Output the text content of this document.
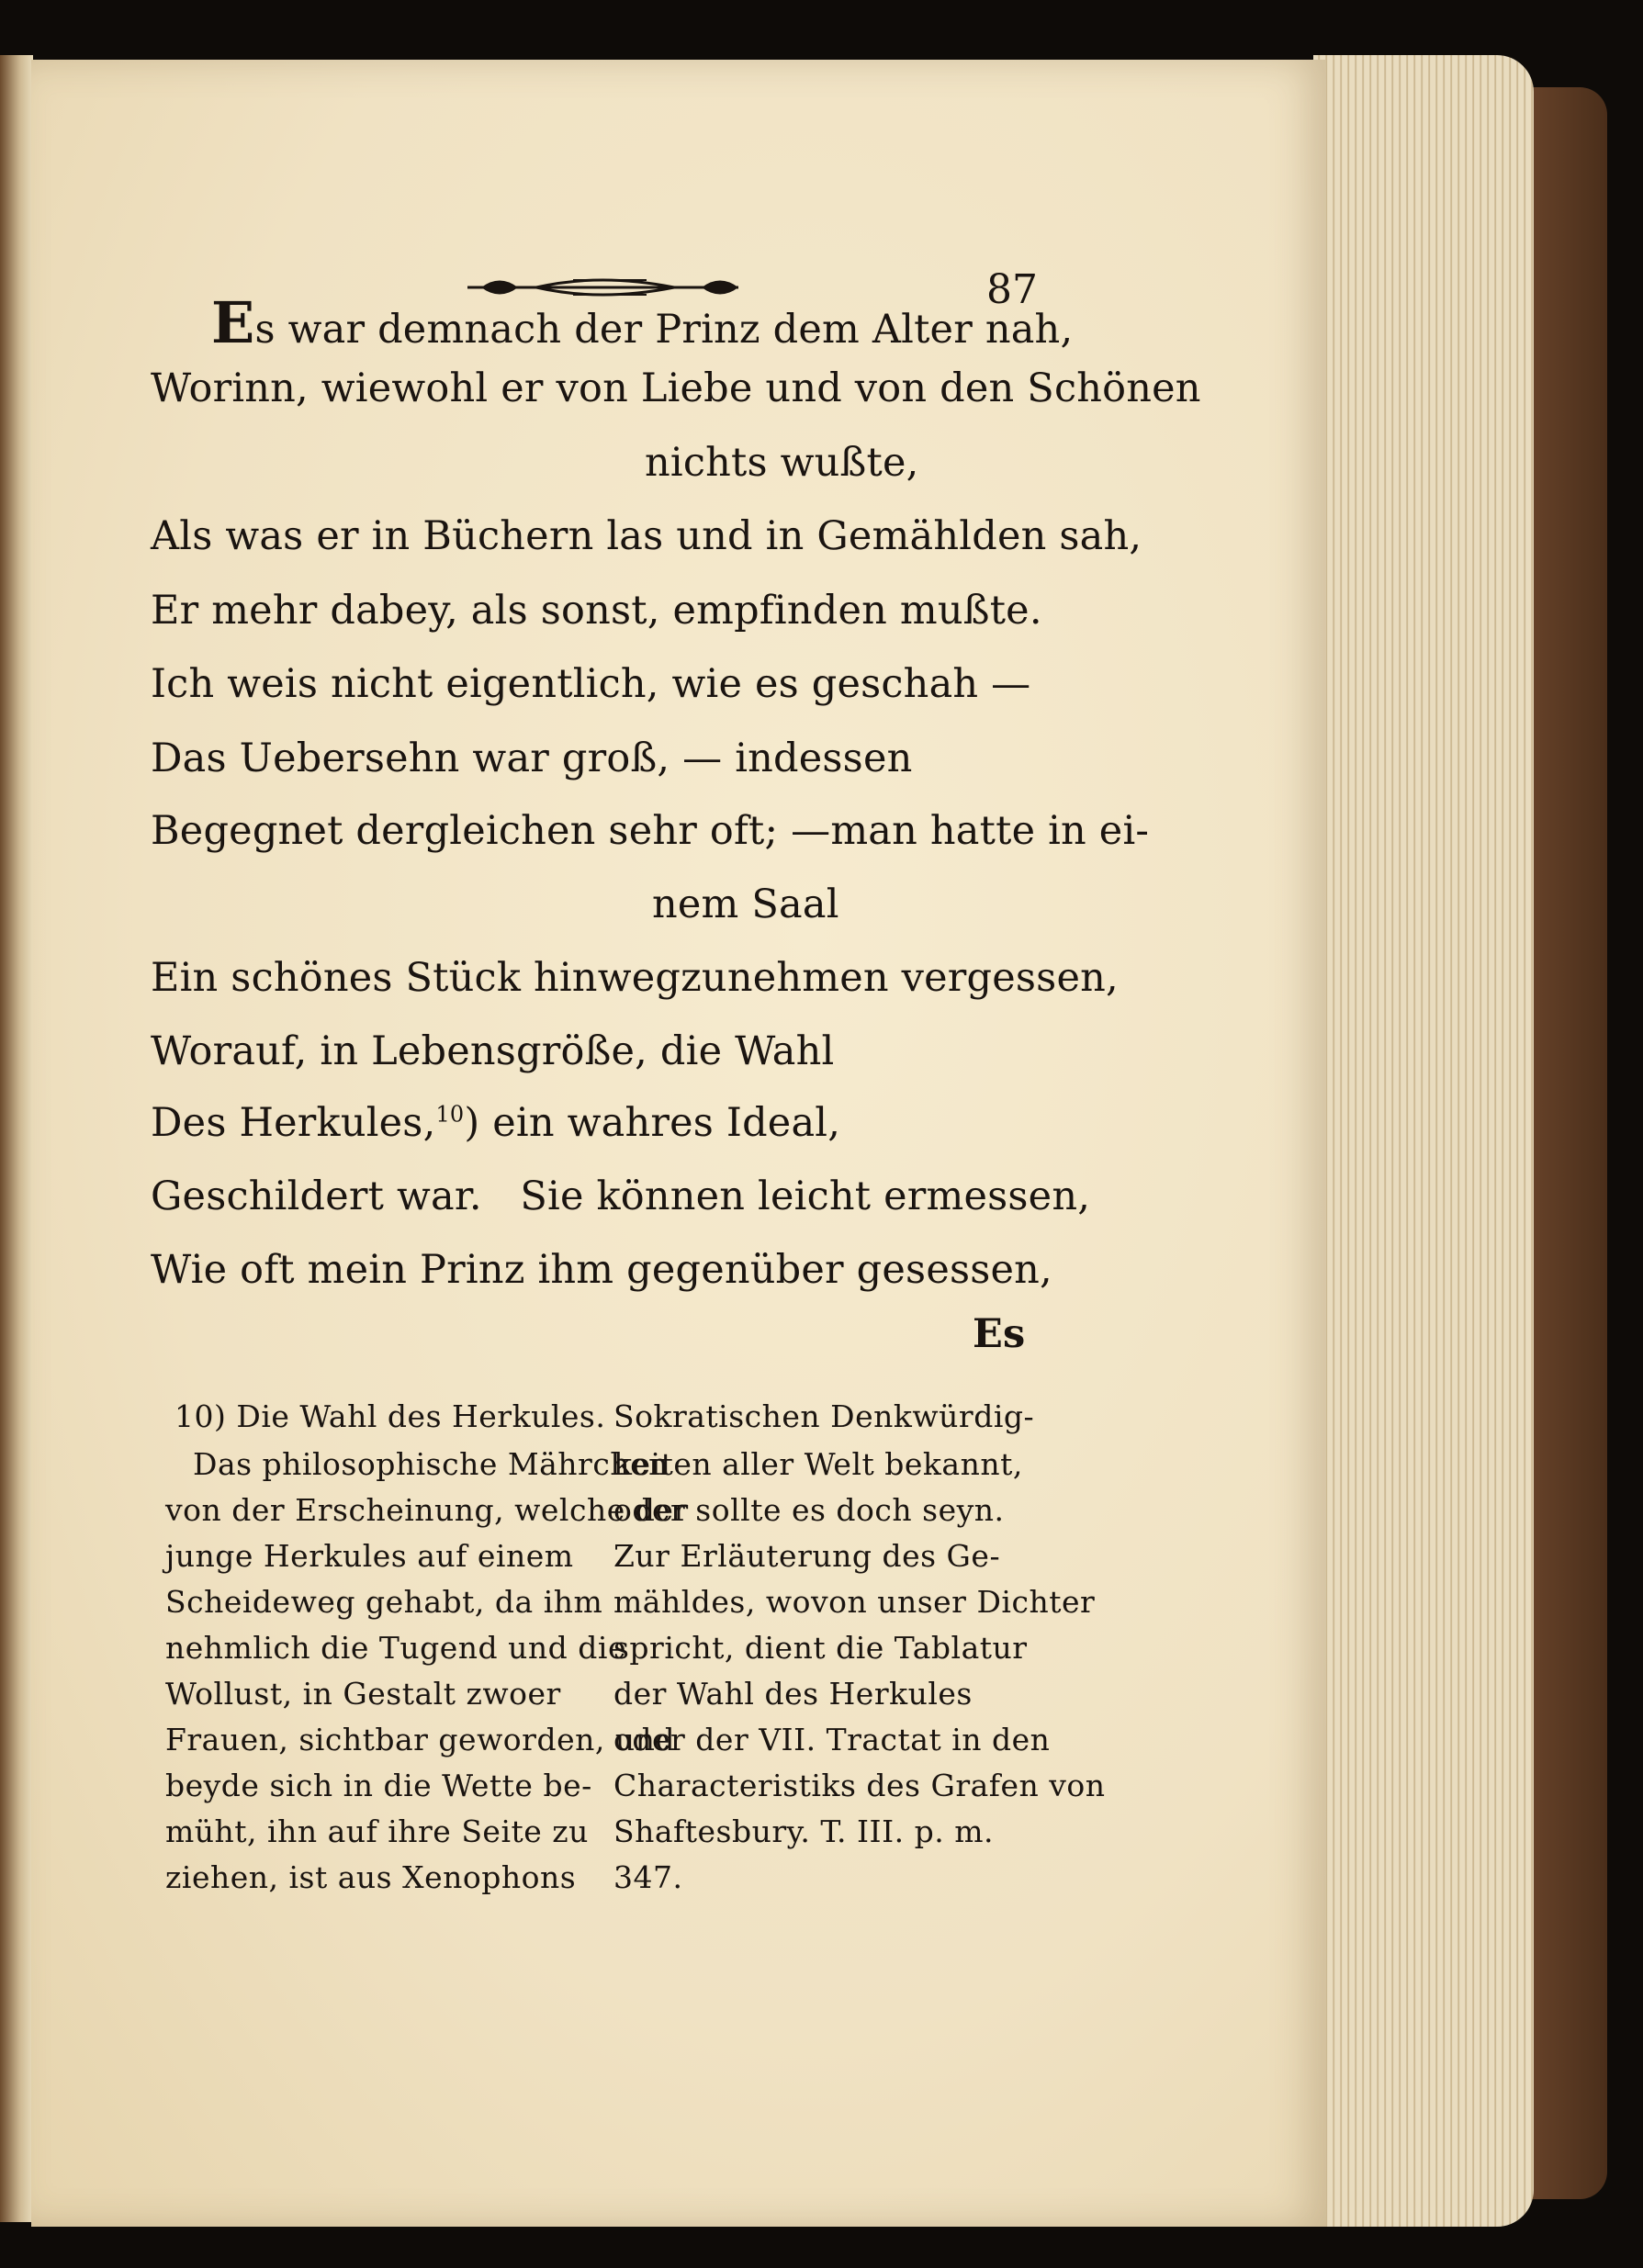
87
Es war demnach der Prinz dem Alter nah,
Worinn, wiewohl er von Liebe und von den Schönen
nichts wußte,
Als was er in Büchern las und in Gemählden sah,
Er mehr dabey, als sonst, empfinden mußte.
Ich weis nicht eigentlich, wie es geschah —
Das Uebersehn war groß, — indessen
Begegnet dergleichen sehr oft; — man hatte in ei-
nem Saal
Ein schönes Stück hinwegzunehmen vergessen,
Worauf, in Lebensgröße, die Wahl
Des Herkules,$^{10}$) ein wahres Ideal,
Geschildert war.   Sie können leicht ermessen,
Wie oft mein Prinz ihm gegenüber gesessen,
Es
10) Die Wahl des Herkules.
Das philosophische Mährchen
von der Erscheinung, welche der
junge Herkules auf einem
Scheideweg gehabt, da ihm
nehmlich die Tugend und die
Wollust, in Gestalt zwoer
Frauen, sichtbar geworden, und
beyde sich in die Wette be-
müht, ihn auf ihre Seite zu
ziehen, ist aus Xenophons
Sokratischen Denkwürdig-
keiten aller Welt bekannt,
oder sollte es doch seyn.
Zur Erläuterung des Ge-
mähldes, wovon unser Dichter
spricht, dient die Tablatur
der Wahl des Herkules
oder der VII. Tractat in den
Characteristiks des Grafen von
Shaftesbury. T. III. p. m.
347.
